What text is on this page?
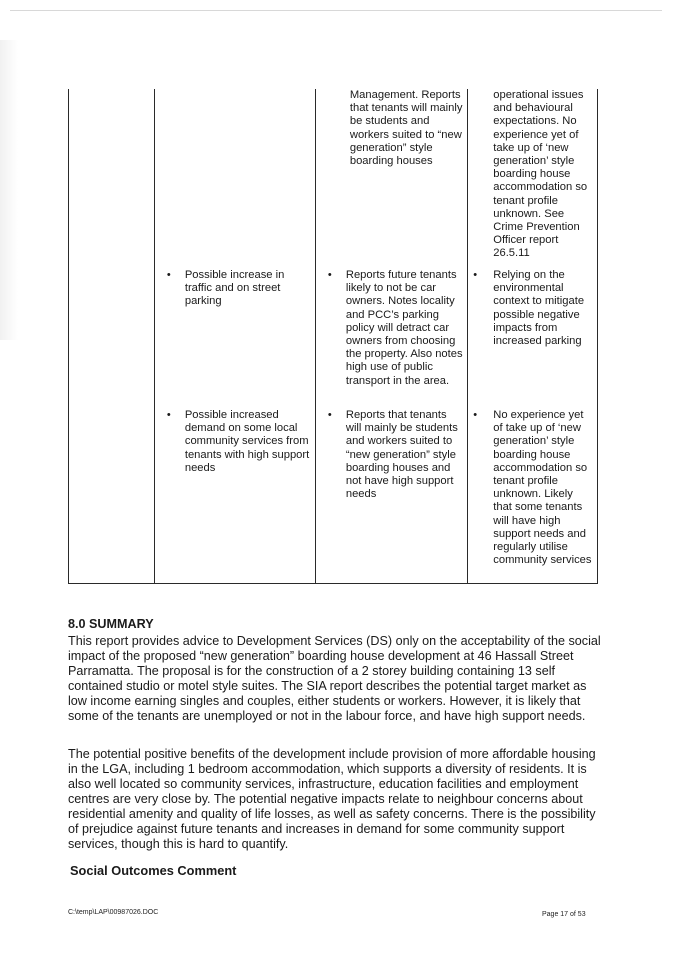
		Management. Reports that tenants will mainly be students and workers suited to “new generation” style boarding houses	operational issues and behavioural expectations. No experience yet of take up of ‘new generation’ style boarding house accommodation so tenant profile unknown. See Crime Prevention Officer report 26.5.11

	• Possible increase in traffic and on street parking	• Reports future tenants likely to not be car owners. Notes locality and PCC’s parking policy will detract car owners from choosing the property. Also notes high use of public transport in the area.	• Relying on the environmental context to mitigate possible negative impacts from increased parking

	• Possible increased demand on some local community services from tenants with high support needs	• Reports that tenants will mainly be students and workers suited to “new generation” style boarding houses and not have high support needs	• No experience yet of take up of ‘new generation’ style boarding house accommodation so tenant profile unknown. Likely that some tenants will have high support needs and regularly utilise community services
8.0 SUMMARY
This report provides advice to Development Services (DS) only on the acceptability of the social impact of the proposed “new generation” boarding house development at 46 Hassall Street Parramatta. The proposal is for the construction of a 2 storey building containing 13 self contained studio or motel style suites. The SIA report describes the potential target market as low income earning singles and couples, either students or workers. However, it is likely that some of the tenants are unemployed or not in the labour force, and have high support needs.
The potential positive benefits of the development include provision of more affordable housing in the LGA, including 1 bedroom accommodation, which supports a diversity of residents. It is also well located so community services, infrastructure, education facilities and employment centres are very close by. The potential negative impacts relate to neighbour concerns about residential amenity and quality of life losses, as well as safety concerns. There is the possibility of prejudice against future tenants and increases in demand for some community support services, though this is hard to quantify.
Social Outcomes Comment
C:\temp\LAP\00987026.DOC	Page 17 of 53
